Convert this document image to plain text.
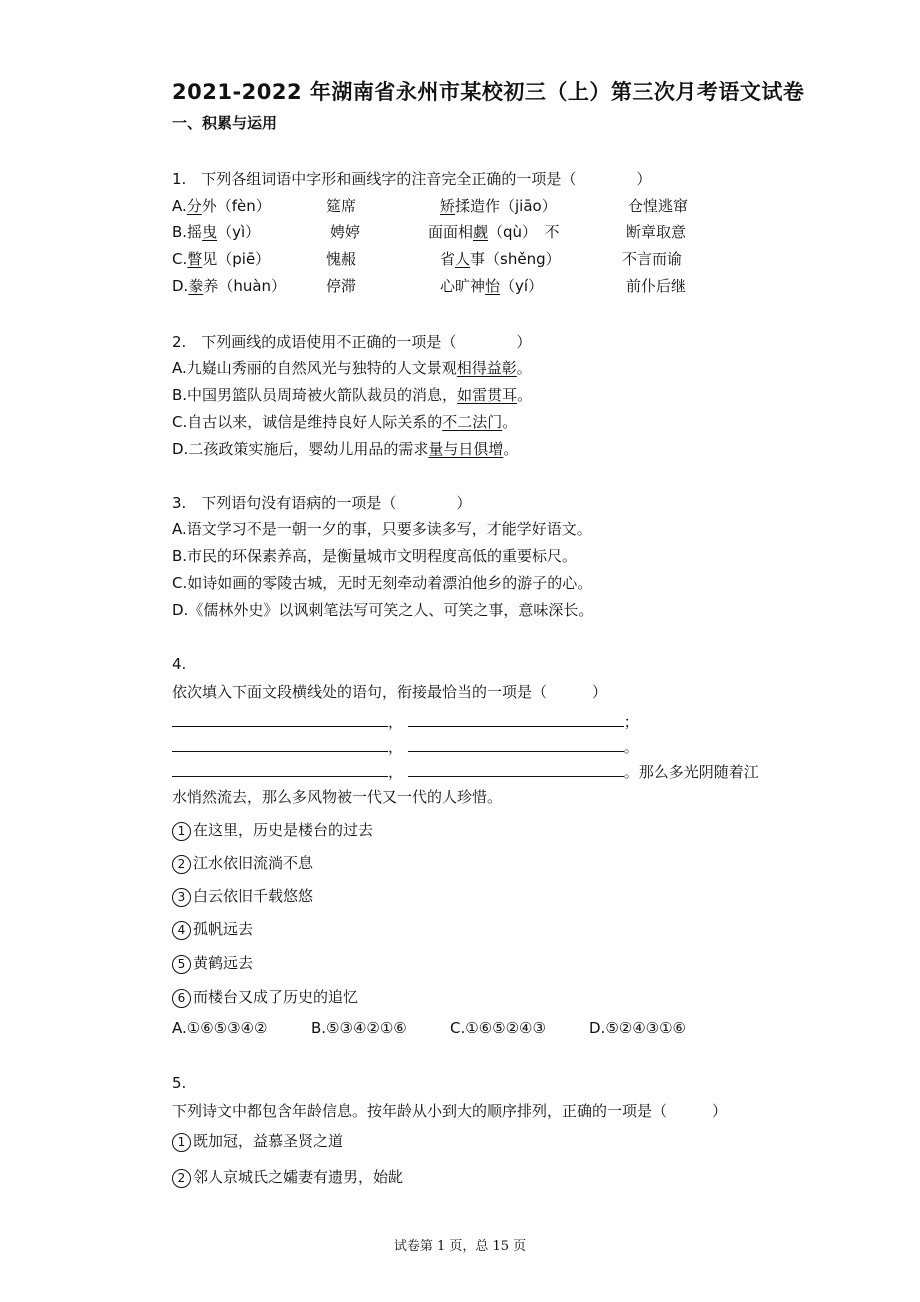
2021-2022 年湖南省永州市某校初三（上）第三次月考语文试卷
一、积累与运用
1.　下列各组词语中字形和画线字的注音完全正确的一项是（　　　　）
A.分外（fèn）	筵席	矫揉造作（jiāo）	仓惶逃窜
B.摇曳（yì）	娉婷	面面相觑（qù）　不	断章取意
C.瞥见（piē）	愧赧	省人事（shěng）	不言而谕
D.豢养（huàn）	停滞	心旷神怡（yí）	前仆后继
2.　下列画线的成语使用不正确的一项是（　　　　）
A.九嶷山秀丽的自然风光与独特的人文景观相得益彰。
B.中国男篮队员周琦被火箭队裁员的消息，如雷贯耳。
C.自古以来，诚信是维持良好人际关系的不二法门。
D.二孩政策实施后，婴幼儿用品的需求量与日俱增。
3.　下列语句没有语病的一项是（　　　　）
A.语文学习不是一朝一夕的事，只要多读多写，才能学好语文。
B.市民的环保素养高，是衡量城市文明程度高低的重要标尺。
C.如诗如画的零陵古城，无时无刻牵动着漂泊他乡的游子的心。
D.《儒林外史》以讽刺笔法写可笑之人、可笑之事，意味深长。
4.
依次填入下面文段横线处的语句，衔接最恰当的一项是（　　　）
，	；
，	。
，	。那么多光阴随着江
水悄然流去，那么多风物被一代又一代的人珍惜。
1 在这里，历史是楼台的过去
2 江水依旧流淌不息
3 白云依旧千载悠悠
4 孤帆远去
5 黄鹤远去
6 而楼台又成了历史的追忆
A.①⑥⑤③④②	B.⑤③④②①⑥	C.①⑥⑤②④③	D.⑤②④③①⑥
5.
下列诗文中都包含年龄信息。按年龄从小到大的顺序排列，正确的一项是（　　　）
1 既加冠，益慕圣贤之道
2 邻人京城氏之孀妻有遗男，始龀
试卷第 1 页，总 15 页
